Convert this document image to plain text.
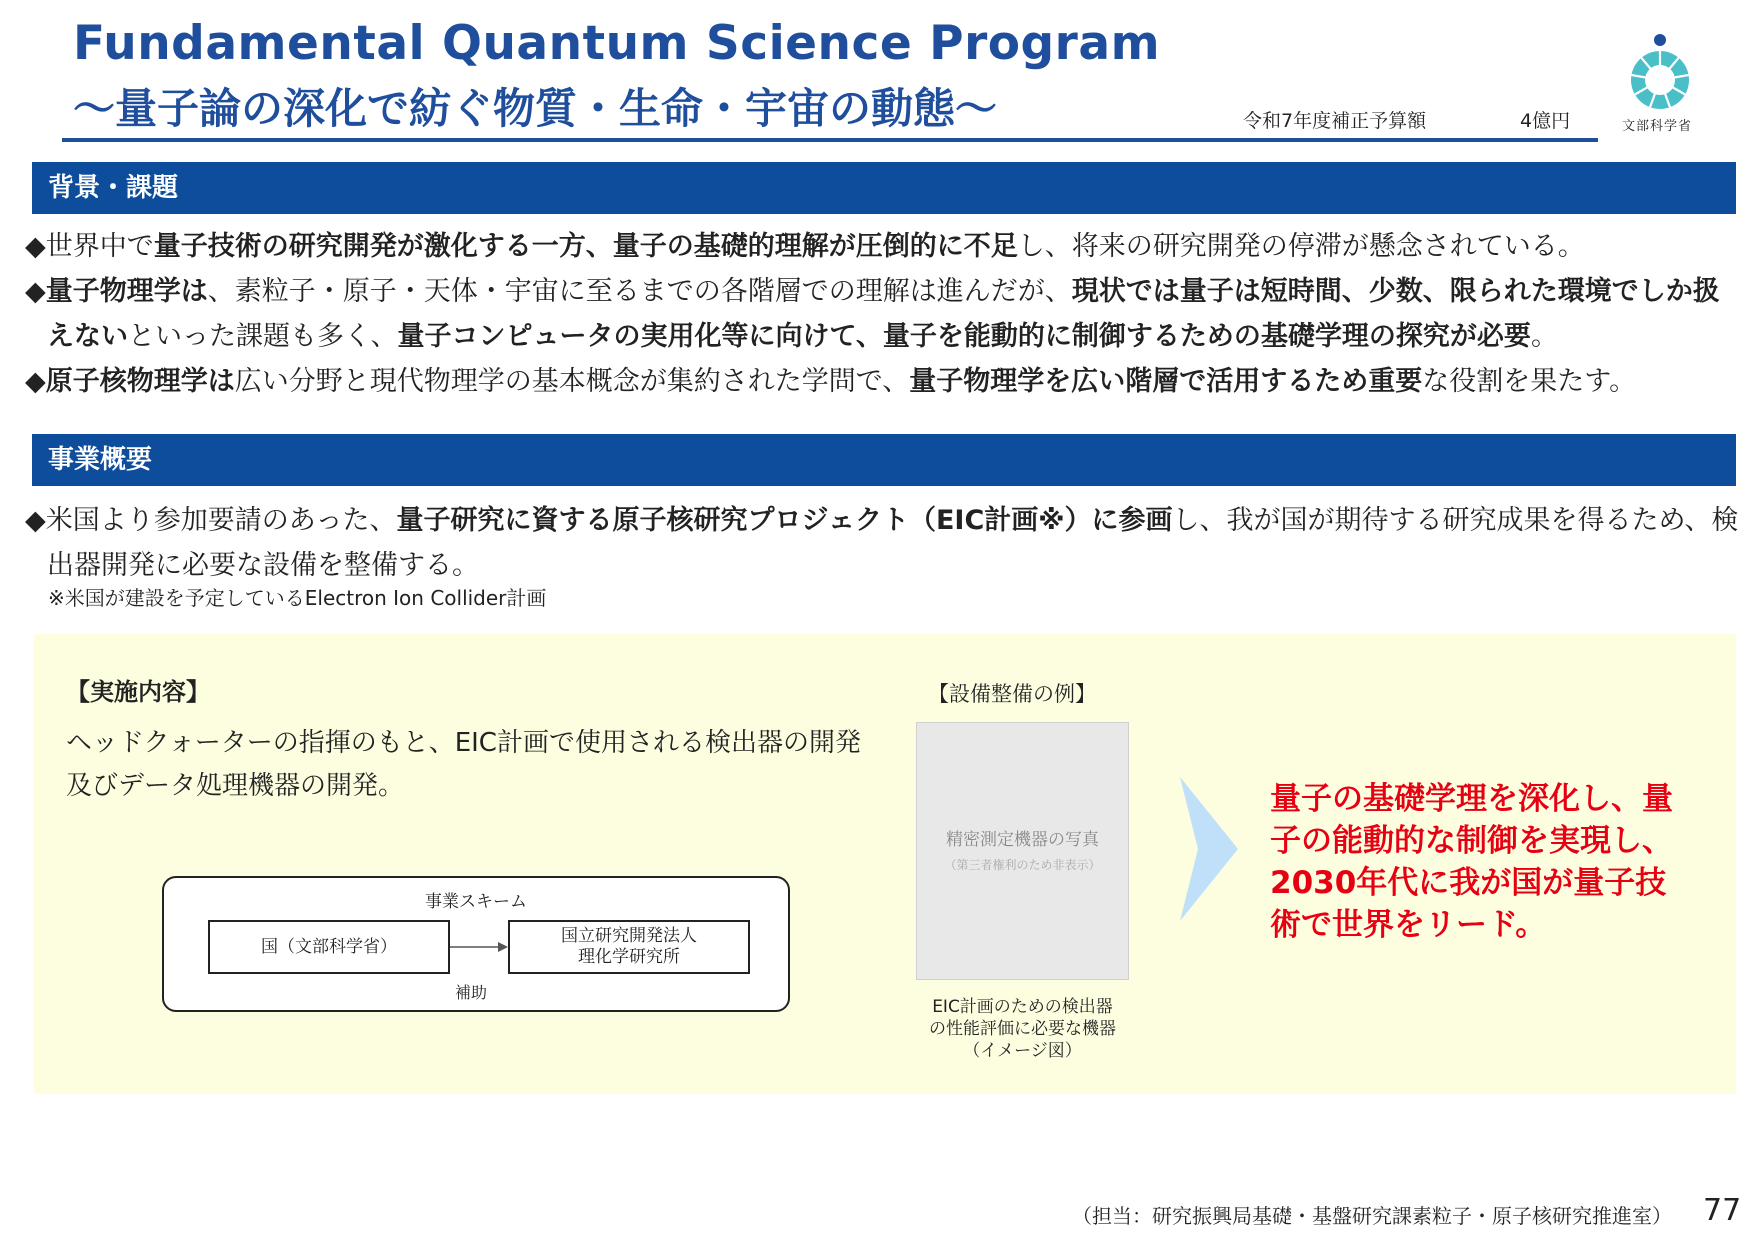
Fundamental Quantum Science Program
～量子論の深化で紡ぐ物質・生命・宇宙の動態～	令和7年度補正予算額	4億円	文部科学省
背景・課題
◆世界中で量子技術の研究開発が激化する一方、量子の基礎的理解が圧倒的に不足し、将来の研究開発の停滞が懸念されている。
◆量子物理学は、素粒子・原子・天体・宇宙に至るまでの各階層での理解は進んだが、現状では量子は短時間、少数、限られた環境でしか扱えないといった課題も多く、量子コンピュータの実用化等に向けて、量子を能動的に制御するための基礎学理の探究が必要。
◆原子核物理学は広い分野と現代物理学の基本概念が集約された学問で、量子物理学を広い階層で活用するため重要な役割を果たす。
事業概要
◆米国より参加要請のあった、量子研究に資する原子核研究プロジェクト（EIC計画※）に参画し、我が国が期待する研究成果を得るため、検出器開発に必要な設備を整備する。
※米国が建設を予定しているElectron Ion Collider計画
【実施内容】
ヘッドクォーターの指揮のもと、EIC計画で使用される検出器の開発及びデータ処理機器の開発。
事業スキーム
国（文部科学省）
国立研究開発法人
理化学研究所
補助
【設備整備の例】
精密測定機器の写真
（第三者権利のため非表示）
EIC計画のための検出器
の性能評価に必要な機器
（イメージ図）
量子の基礎学理を深化し、量
子の能動的な制御を実現し、
2030年代に我が国が量子技
術で世界をリード。
（担当：研究振興局基礎・基盤研究課素粒子・原子核研究推進室） 77
